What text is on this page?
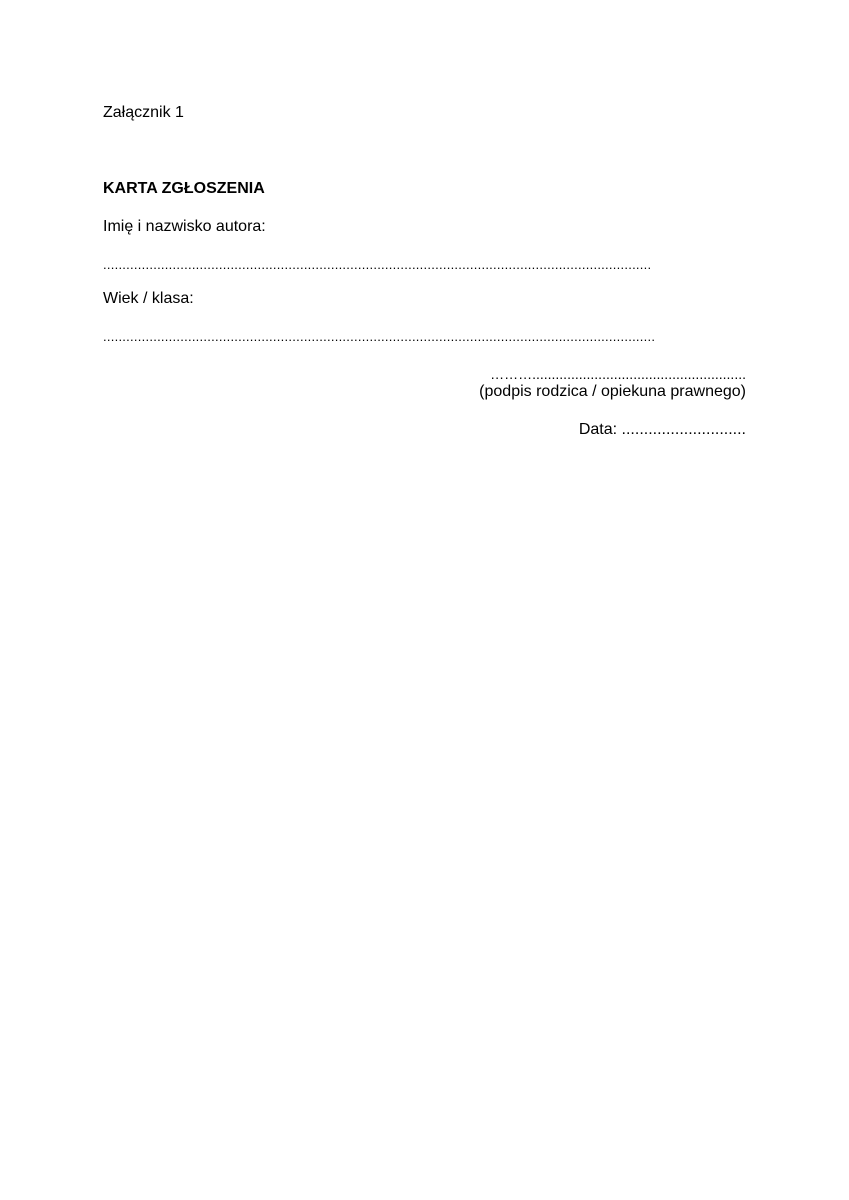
Załącznik 1
KARTA ZGŁOSZENIA
Imię i nazwisko autora:
..............................................................................................................................................
Wiek / klasa:
...............................................................................................................................................
……….......................................................
(podpis rodzica / opiekuna prawnego)
Data: ............................
